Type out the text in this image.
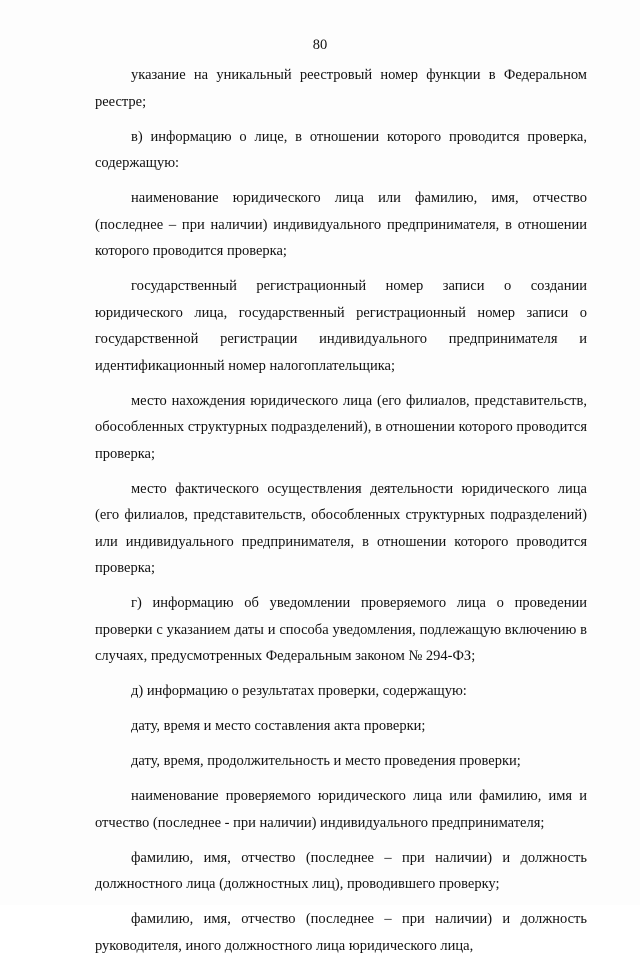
80

указание на уникальный реестровый номер функции в Федеральном реестре;

в) информацию о лице, в отношении которого проводится проверка, содержащую:

наименование юридического лица или фамилию, имя, отчество (последнее – при наличии) индивидуального предпринимателя, в отношении которого проводится проверка;

государственный регистрационный номер записи о создании юридического лица, государственный регистрационный номер записи о государственной регистрации индивидуального предпринимателя и идентификационный номер налогоплательщика;

место нахождения юридического лица (его филиалов, представительств, обособленных структурных подразделений), в отношении которого проводится проверка;

место фактического осуществления деятельности юридического лица (его филиалов, представительств, обособленных структурных подразделений) или индивидуального предпринимателя, в отношении которого проводится проверка;

г) информацию об уведомлении проверяемого лица о проведении проверки с указанием даты и способа уведомления, подлежащую включению в случаях, предусмотренных Федеральным законом № 294-ФЗ;

д) информацию о результатах проверки, содержащую:

дату, время и место составления акта проверки;

дату, время, продолжительность и место проведения проверки;

наименование проверяемого юридического лица или фамилию, имя и отчество (последнее - при наличии) индивидуального предпринимателя;

фамилию, имя, отчество (последнее – при наличии) и должность должностного лица (должностных лиц), проводившего проверку;

фамилию, имя, отчество (последнее – при наличии) и должность руководителя, иного должностного лица юридического лица,
